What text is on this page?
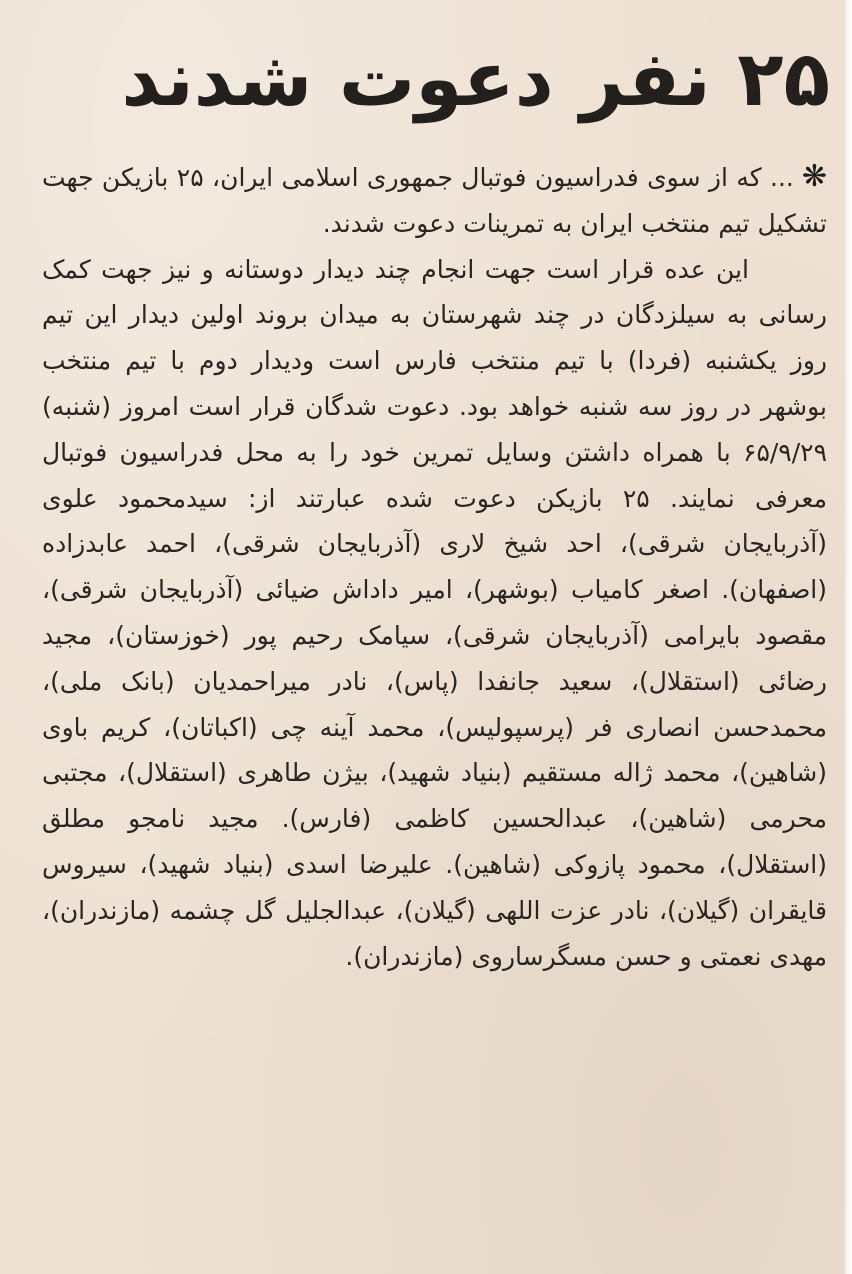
۲۵ نفر دعوت شدند

❋... که از سوی فدراسیون فوتبال جمهوری اسلامی ایران، ۲۵ بازیکن جهت تشکیل تیم منتخب ایران به تمرینات دعوت شدند.

این عده قرار است جهت انجام چند دیدار دوستانه و نیز جهت کمک رسانی به سیلزدگان در چند شهرستان به میدان بروند اولین دیدار این تیم روز یکشنبه (فردا) با تیم منتخب فارس است ودیدار دوم با تیم منتخب بوشهر در روز سه شنبه خواهد بود. دعوت شدگان قرار است امروز (شنبه) ۶۵/۹/۲۹ با همراه داشتن وسایل تمرین خود را به محل فدراسیون فوتبال معرفی نمایند. ۲۵ بازیکن دعوت شده عبارتند از: سیدمحمود علوی (آذربایجان شرقی)، احد شیخ لاری (آذربایجان شرقی)، احمد عابدزاده (اصفهان). اصغر کامیاب (بوشهر)، امیر داداش ضیائی (آذربایجان شرقی)، مقصود بایرامی (آذربایجان شرقی)، سیامک رحیم پور (خوزستان)، مجید رضائی (استقلال)، سعید جانفدا (پاس)، نادر میراحمدیان (بانک ملی)، محمدحسن انصاری فر (پرسپولیس)، محمد آینه چی (اکباتان)، کریم باوی (شاهین)، محمد ژاله مستقیم (بنیاد شهید)، بیژن طاهری (استقلال)، مجتبی محرمی (شاهین)، عبدالحسین کاظمی (فارس). مجید نامجو مطلق (استقلال)، محمود پازوکی (شاهین). علیرضا اسدی (بنیاد شهید)، سیروس قایقران (گیلان)، نادر عزت اللهی (گیلان)، عبدالجلیل گل چشمه (مازندران)، مهدی نعمتی و حسن مسگرساروی (مازندران).
